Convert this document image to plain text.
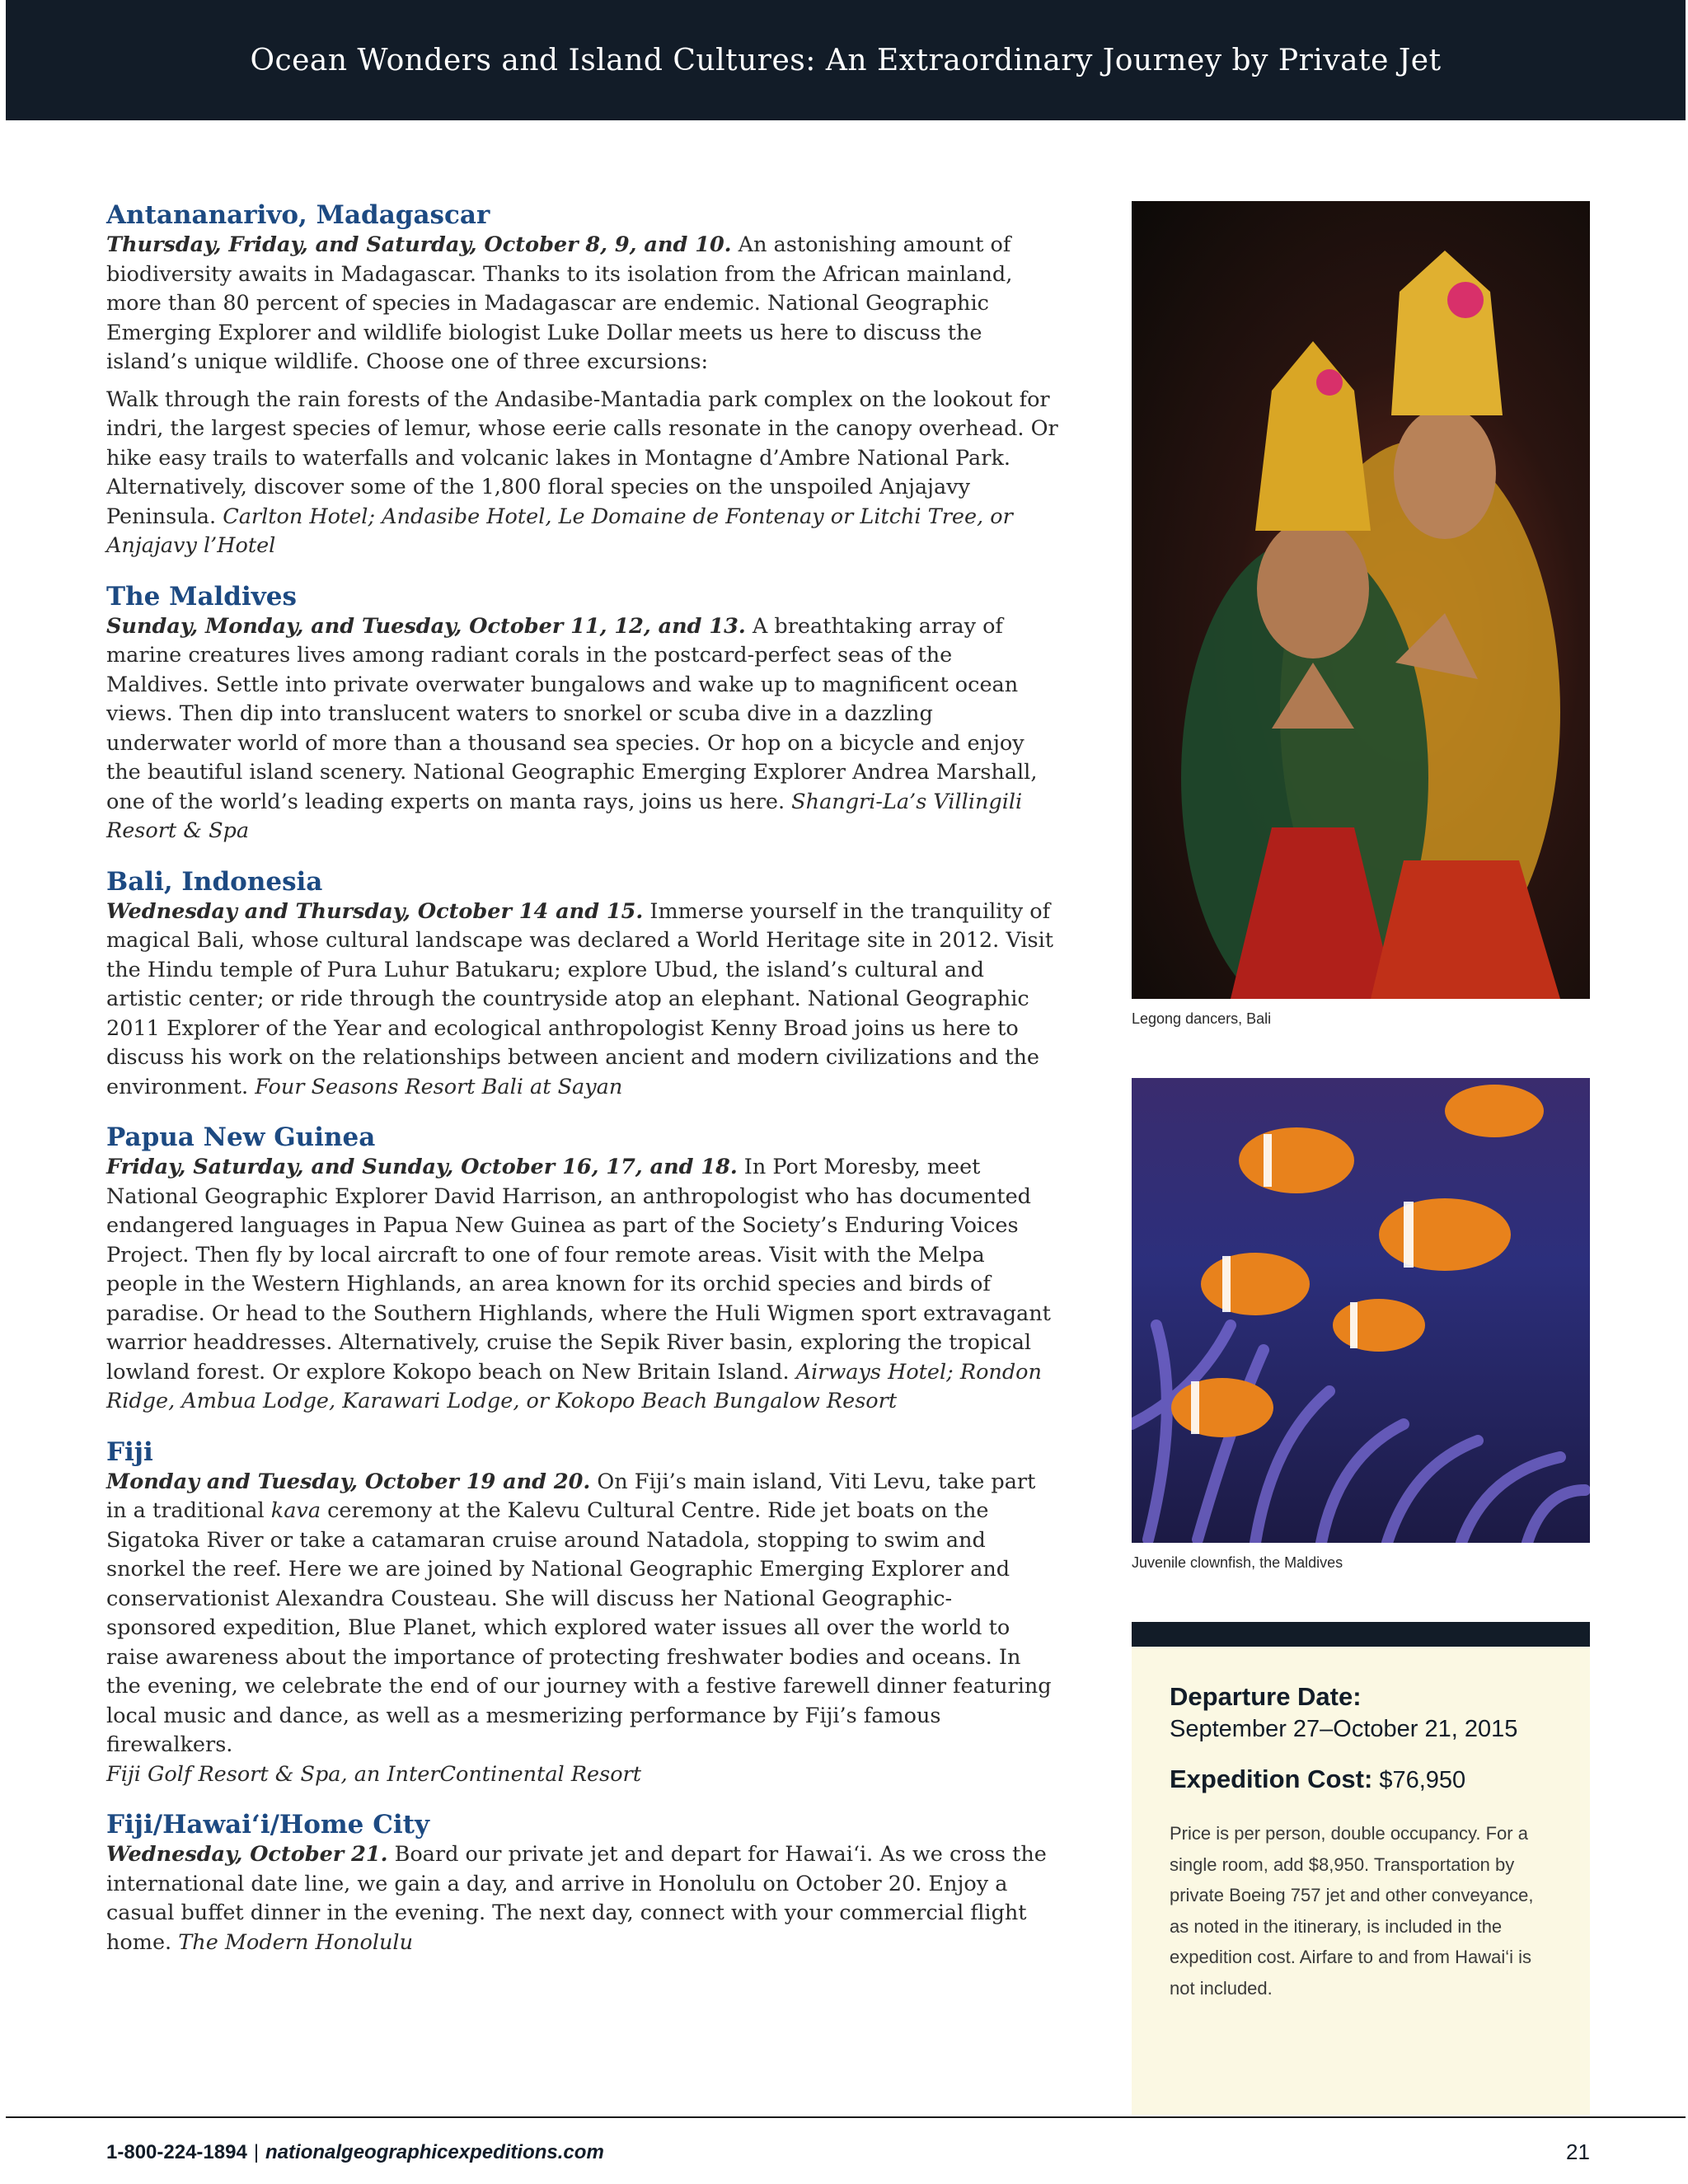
Ocean Wonders and Island Cultures: An Extraordinary Journey by Private Jet
Antananarivo, Madagascar

Thursday, Friday, and Saturday, October 8, 9, and 10. An astonishing amount of biodiversity awaits in Madagascar. Thanks to its isolation from the African mainland, more than 80 percent of species in Madagascar are endemic. National Geographic Emerging Explorer and wildlife biologist Luke Dollar meets us here to discuss the island’s unique wildlife. Choose one of three excursions:

Walk through the rain forests of the Andasibe-Mantadia park complex on the lookout for indri, the largest species of lemur, whose eerie calls resonate in the canopy overhead. Or hike easy trails to waterfalls and volcanic lakes in Montagne d’Ambre National Park. Alternatively, discover some of the 1,800 floral species on the unspoiled Anjajavy Peninsula. Carlton Hotel; Andasibe Hotel, Le Domaine de Fontenay or Litchi Tree, or Anjajavy l’Hotel

The Maldives

Sunday, Monday, and Tuesday, October 11, 12, and 13. A breathtaking array of marine creatures lives among radiant corals in the postcard-perfect seas of the Maldives. Settle into private overwater bungalows and wake up to magnificent ocean views. Then dip into translucent waters to snorkel or scuba dive in a dazzling underwater world of more than a thousand sea species. Or hop on a bicycle and enjoy the beautiful island scenery. National Geographic Emerging Explorer Andrea Marshall, one of the world’s leading experts on manta rays, joins us here. Shangri-La’s Villingili Resort & Spa

Bali, Indonesia

Wednesday and Thursday, October 14 and 15. Immerse yourself in the tranquility of magical Bali, whose cultural landscape was declared a World Heritage site in 2012. Visit the Hindu temple of Pura Luhur Batukaru; explore Ubud, the island’s cultural and artistic center; or ride through the countryside atop an elephant. National Geographic 2011 Explorer of the Year and ecological anthropologist Kenny Broad joins us here to discuss his work on the relationships between ancient and modern civilizations and the environment. Four Seasons Resort Bali at Sayan

Papua New Guinea

Friday, Saturday, and Sunday, October 16, 17, and 18. In Port Moresby, meet National Geographic Explorer David Harrison, an anthropologist who has documented endangered languages in Papua New Guinea as part of the Society’s Enduring Voices Project. Then fly by local aircraft to one of four remote areas. Visit with the Melpa people in the Western Highlands, an area known for its orchid species and birds of paradise. Or head to the Southern Highlands, where the Huli Wigmen sport extravagant warrior headdresses. Alternatively, cruise the Sepik River basin, exploring the tropical lowland forest. Or explore Kokopo beach on New Britain Island. Airways Hotel; Rondon Ridge, Ambua Lodge, Karawari Lodge, or Kokopo Beach Bungalow Resort

Fiji

Monday and Tuesday, October 19 and 20. On Fiji’s main island, Viti Levu, take part in a traditional kava ceremony at the Kalevu Cultural Centre. Ride jet boats on the Sigatoka River or take a catamaran cruise around Natadola, stopping to swim and snorkel the reef. Here we are joined by National Geographic Emerging Explorer and conservationist Alexandra Cousteau. She will discuss her National Geographic-sponsored expedition, Blue Planet, which explored water issues all over the world to raise awareness about the importance of protecting freshwater bodies and oceans. In the evening, we celebrate the end of our journey with a festive farewell dinner featuring local music and dance, as well as a mesmerizing performance by Fiji’s famous firewalkers.
Fiji Golf Resort & Spa, an InterContinental Resort

Fiji/Hawai‘i/Home City

Wednesday, October 21. Board our private jet and depart for Hawai‘i. As we cross the international date line, we gain a day, and arrive in Honolulu on October 20. Enjoy a casual buffet dinner in the evening. The next day, connect with your commercial flight home. The Modern Honolulu

Legong dancers, Bali
Juvenile clownfish, the Maldives
Departure Date:
September 27–October 21, 2015
Expedition Cost: $76,950
Price is per person, double occupancy. For a single room, add $8,950. Transportation by private Boeing 757 jet and other conveyance, as noted in the itinerary, is included in the expedition cost. Airfare to and from Hawai‘i is not included.
1-800-224-1894 | nationalgeographicexpeditions.com	21
